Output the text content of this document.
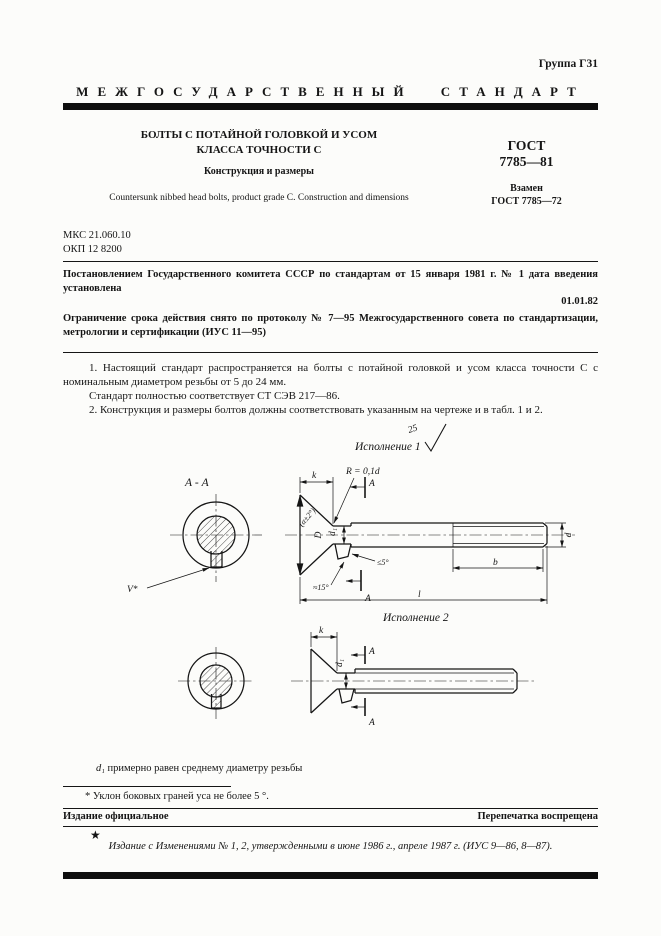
Группа Г31
МЕЖГОСУДАРСТВЕННЫЙ СТАНДАРТ
БОЛТЫ С ПОТАЙНОЙ ГОЛОВКОЙ И УСОМ
КЛАССА ТОЧНОСТИ С
Конструкция и размеры
Countersunk nibbed head bolts, product grade C. Construction and dimensions
ГОСТ
7785—81
Взамен
ГОСТ 7785—72
МКС 21.060.10
ОКП 12 8200
Постановлением Государственного комитета СССР по стандартам от 15 января 1981 г. № 1 дата введения установлена
01.01.82
Ограничение срока действия снято по протоколу № 7—95 Межгосударственного совета по стандартизации, метрологии и сертификации (ИУС 11—95)
1. Настоящий стандарт распространяется на болты с потайной головкой и усом класса точности С с номинальным диаметром резьбы от 5 до 24 мм.
Стандарт полностью соответствует СТ СЭВ 217—86.
2. Конструкция и размеры болтов должны соответствовать указанным на чертеже и в табл. 1 и 2.
25
Исполнение 1
А - А
V*
k	R = 0,1d
А
А
D d₁
(α±2°)
≤5°	b
≈15°
l
d
Исполнение 2
k
d₁
А
А
d₁ примерно равен среднему диаметру резьбы
* Уклон боковых граней уса не более 5 °.
Издание официальное	Перепечатка воспрещена
★
Издание с Изменениями № 1, 2, утвержденными в июне 1986 г., апреле 1987 г. (ИУС 9—86, 8—87).
